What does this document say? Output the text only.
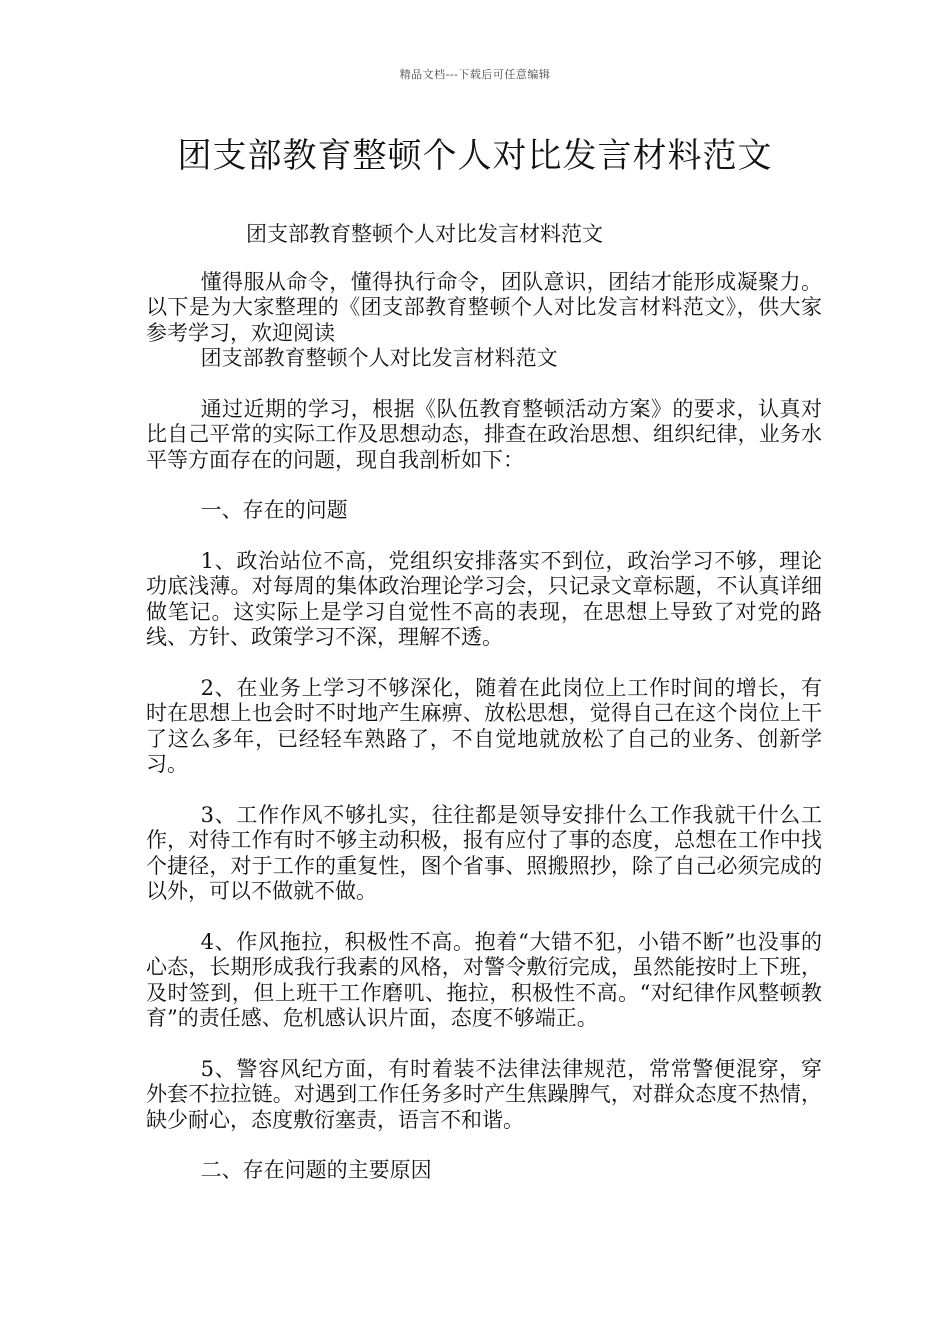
精品文档---下载后可任意编辑
团支部教育整顿个人对比发言材料范文

团支部教育整顿个人对比发言材料范文

懂得服从命令，懂得执行命令，团队意识，团结才能形成凝聚力。以下是为大家整理的《团支部教育整顿个人对比发言材料范文》，供大家参考学习，欢迎阅读

团支部教育整顿个人对比发言材料范文

通过近期的学习，根据《队伍教育整顿活动方案》的要求，认真对比自己平常的实际工作及思想动态，排查在政治思想、组织纪律，业务水平等方面存在的问题，现自我剖析如下：

一、存在的问题

1、政治站位不高，党组织安排落实不到位，政治学习不够，理论功底浅薄。对每周的集体政治理论学习会，只记录文章标题，不认真详细做笔记。这实际上是学习自觉性不高的表现，在思想上导致了对党的路线、方针、政策学习不深，理解不透。

2、在业务上学习不够深化，随着在此岗位上工作时间的增长，有时在思想上也会时不时地产生麻痹、放松思想，觉得自己在这个岗位上干了这么多年，已经轻车熟路了，不自觉地就放松了自己的业务、创新学习。

3、工作作风不够扎实，往往都是领导安排什么工作我就干什么工作，对待工作有时不够主动积极，报有应付了事的态度，总想在工作中找个捷径，对于工作的重复性，图个省事、照搬照抄，除了自己必须完成的以外，可以不做就不做。

4、作风拖拉，积极性不高。抱着“大错不犯，小错不断”也没事的心态，长期形成我行我素的风格，对警令敷衍完成，虽然能按时上下班，及时签到，但上班干工作磨叽、拖拉，积极性不高。“对纪律作风整顿教育”的责任感、危机感认识片面，态度不够端正。

5、警容风纪方面，有时着装不法律法律规范，常常警便混穿，穿外套不拉拉链。对遇到工作任务多时产生焦躁脾气，对群众态度不热情，缺少耐心，态度敷衍塞责，语言不和谐。

二、存在问题的主要原因
